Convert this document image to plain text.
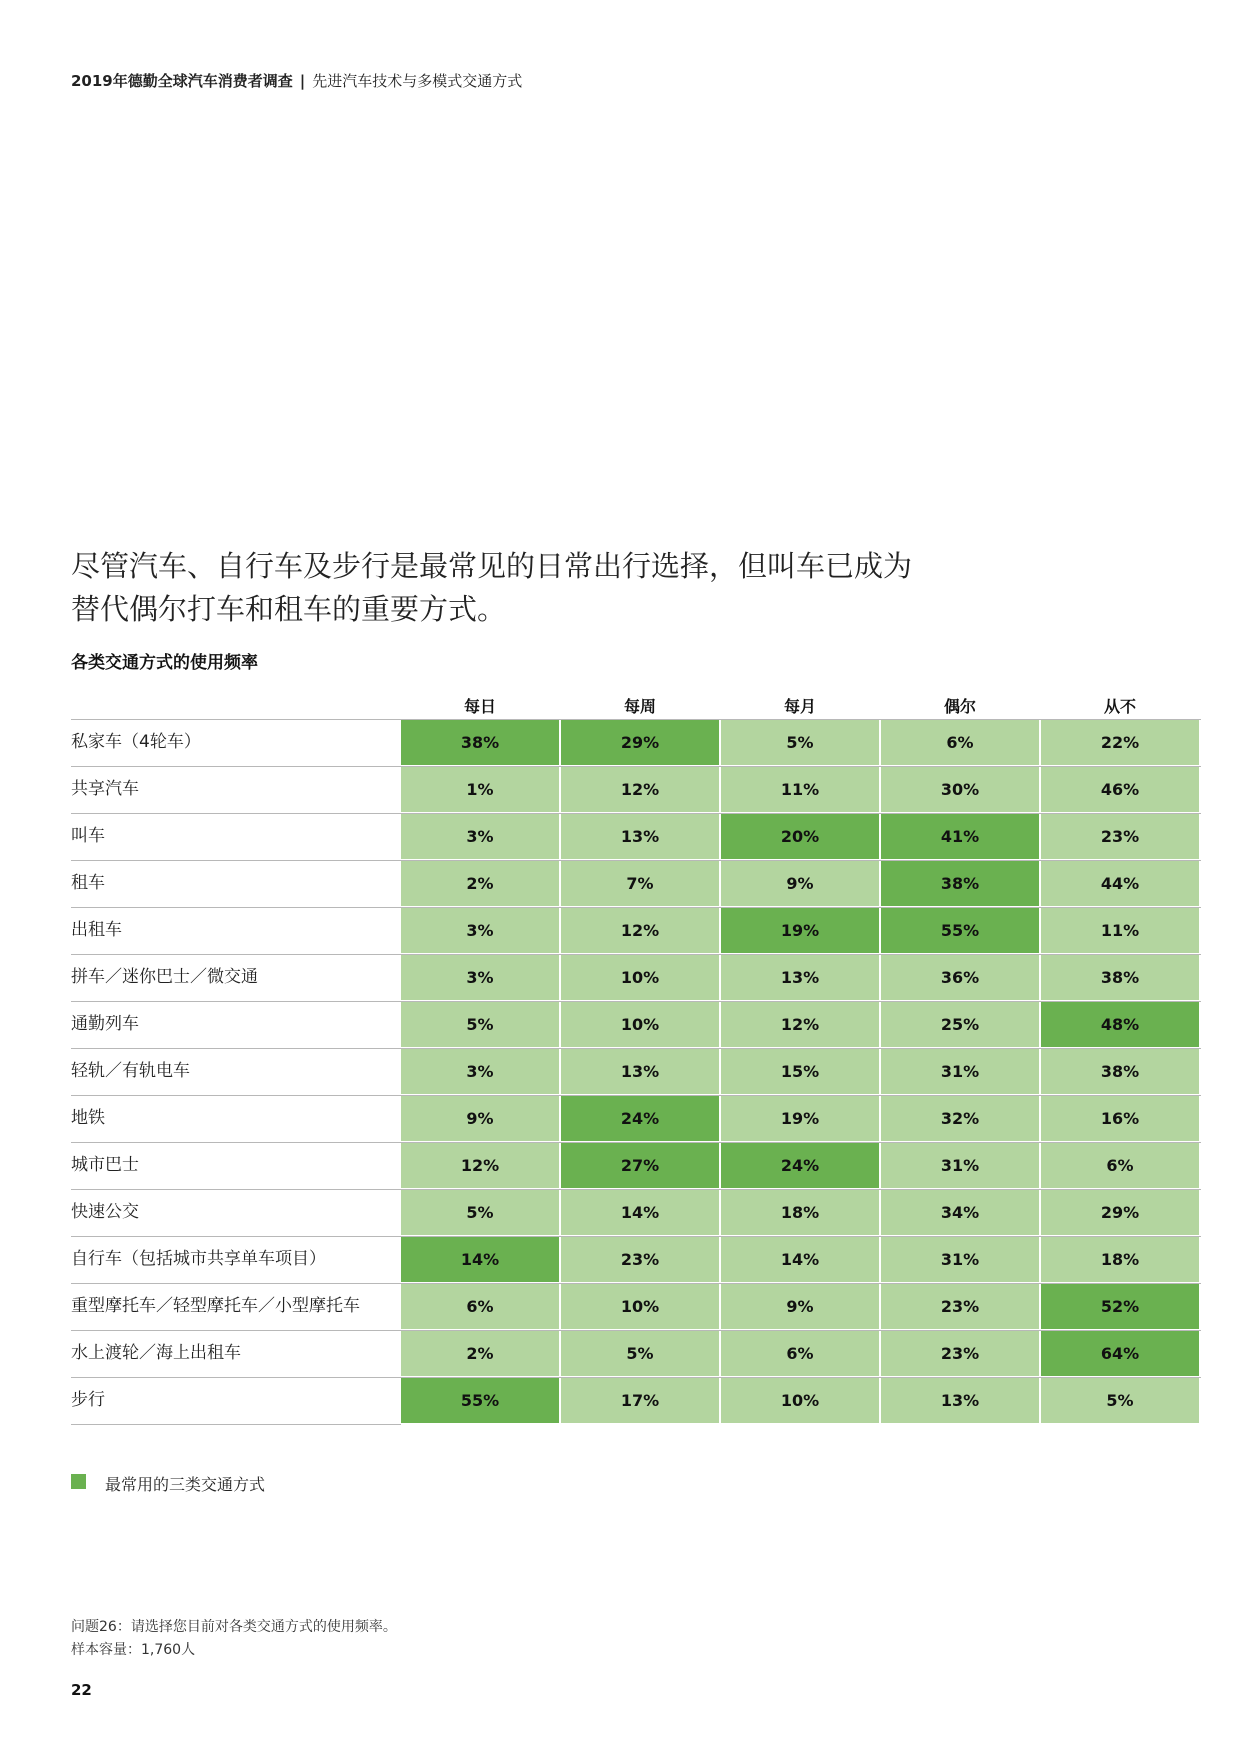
2019年德勤全球汽车消费者调查 | 先进汽车技术与多模式交通方式
尽管汽车、自行车及步行是最常见的日常出行选择，但叫车已成为
替代偶尔打车和租车的重要方式。
各类交通方式的使用频率
每日	每周	每月	偶尔	从不
私家车（4轮车）	38%	29%	5%	6%	22%
共享汽车	1%	12%	11%	30%	46%
叫车	3%	13%	20%	41%	23%
租车	2%	7%	9%	38%	44%
出租车	3%	12%	19%	55%	11%
拼车／迷你巴士／微交通	3%	10%	13%	36%	38%
通勤列车	5%	10%	12%	25%	48%
轻轨／有轨电车	3%	13%	15%	31%	38%
地铁	9%	24%	19%	32%	16%
城市巴士	12%	27%	24%	31%	6%
快速公交	5%	14%	18%	34%	29%
自行车（包括城市共享单车项目）	14%	23%	14%	31%	18%
重型摩托车／轻型摩托车／小型摩托车	6%	10%	9%	23%	52%
水上渡轮／海上出租车	2%	5%	6%	23%	64%
步行	55%	17%	10%	13%	5%
最常用的三类交通方式
问题26：请选择您目前对各类交通方式的使用频率。
样本容量：1,760人
22
